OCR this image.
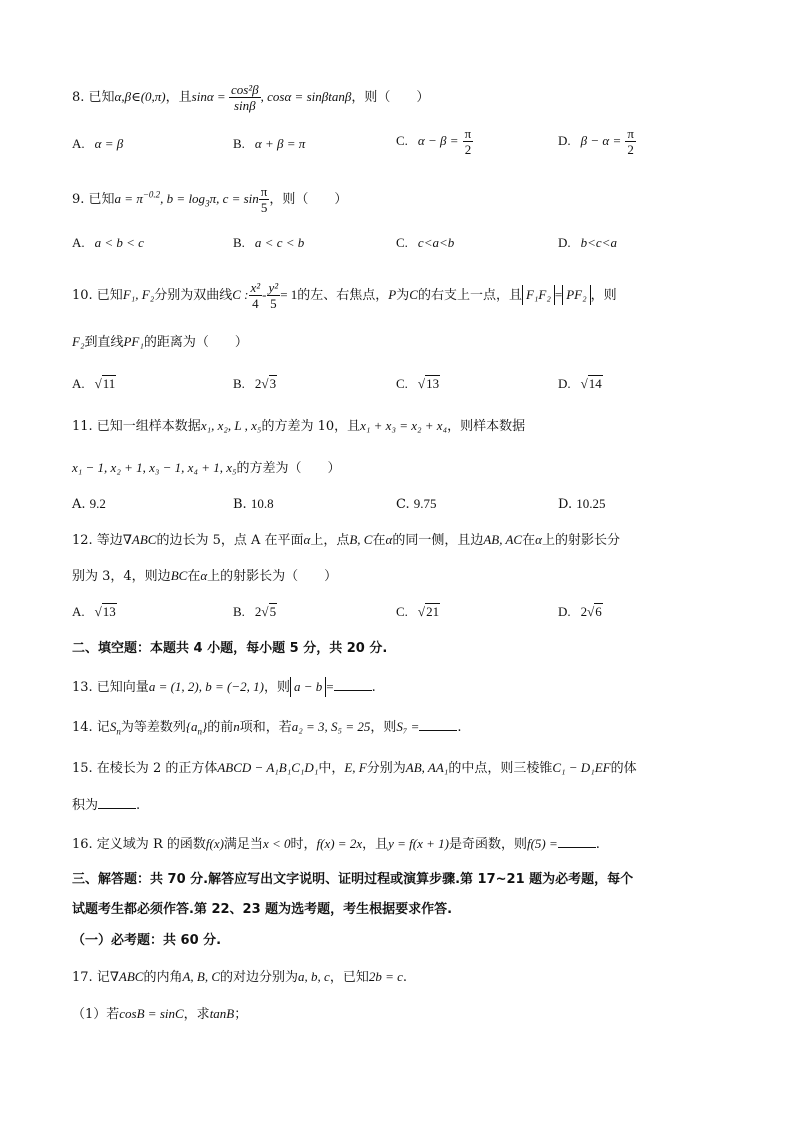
8. 已知α,β∈(0,π)，且$\sin\alpha = \frac{\text{cos²β}}{\sin\beta}$ , cosα = sinβtanβ，则（　　）
A. α = β	B. α + β = π	C. $\alpha - \beta = \frac{\pi}{2}$	D. $\beta - \alpha = \frac{\pi}{2}$
9. 已知$a = \pi^{-0.2}$, $b = \log_3\pi$, $c = \sin \frac{\pi}{5}$ ，则（　　）
A. a < b < c	B. a < c < b	C. c<a<b	D. b<c<a
10. 已知F₁, F₂分别为双曲线C : $\frac{\text{x²}}{4} - \frac{\text{y²}}{5} = 1$的左、右焦点，P为C的右支上一点，且 F₁F₂ = PF₂ ，则
F₂到直线PF₁的距离为（　　）
A. √11	B. 2√3	C. √13	D. √14
11. 已知一组样本数据x₁, x₂, L , x₅的方差为 10，且x₁ + x₃ = x₂ + x₄，则样本数据
x₁ − 1, x₂ + 1, x₃ − 1, x₄ + 1, x₅的方差为（　　）
A. 9.2	B. 10.8	C. 9.75	D. 10.25
12. 等边∇ABC的边长为 5，点 A 在平面α上，点B, C在α的同一侧，且边AB, AC在α上的射影长分
别为 3，4，则边BC在α上的射影长为（　　）
A. √13	B. 2√5	C. √21	D. 2√6
二、填空题：本题共 4 小题，每小题 5 分，共 20 分.
13. 已知向量a = (1, 2), b = (−2, 1)，则 a − b =	.
14. 记$S_n$为等差数列$\{a_n\}$的前n项和，若a₂ = 3, S₅ = 25，则S₇ =	.
15. 在棱长为 2 的正方体ABCD − A₁B₁C₁D₁中，E, F分别为AB, AA₁的中点，则三棱锥C₁ − D₁EF的体
积为	.
16. 定义域为 R 的函数f(x)满足当x < 0时，f(x) = 2x，且y = f(x + 1)是奇函数，则f(5) =	.
三、解答题：共 70 分.解答应写出文字说明、证明过程或演算步骤.第 17~21 题为必考题，每个
试题考生都必须作答.第 22、23 题为选考题，考生根据要求作答.
（一）必考题：共 60 分.
17. 记∇ABC的内角A, B, C的对边分别为a, b, c，已知2b = c.
（1）若cosB = sinC，求tanB；
